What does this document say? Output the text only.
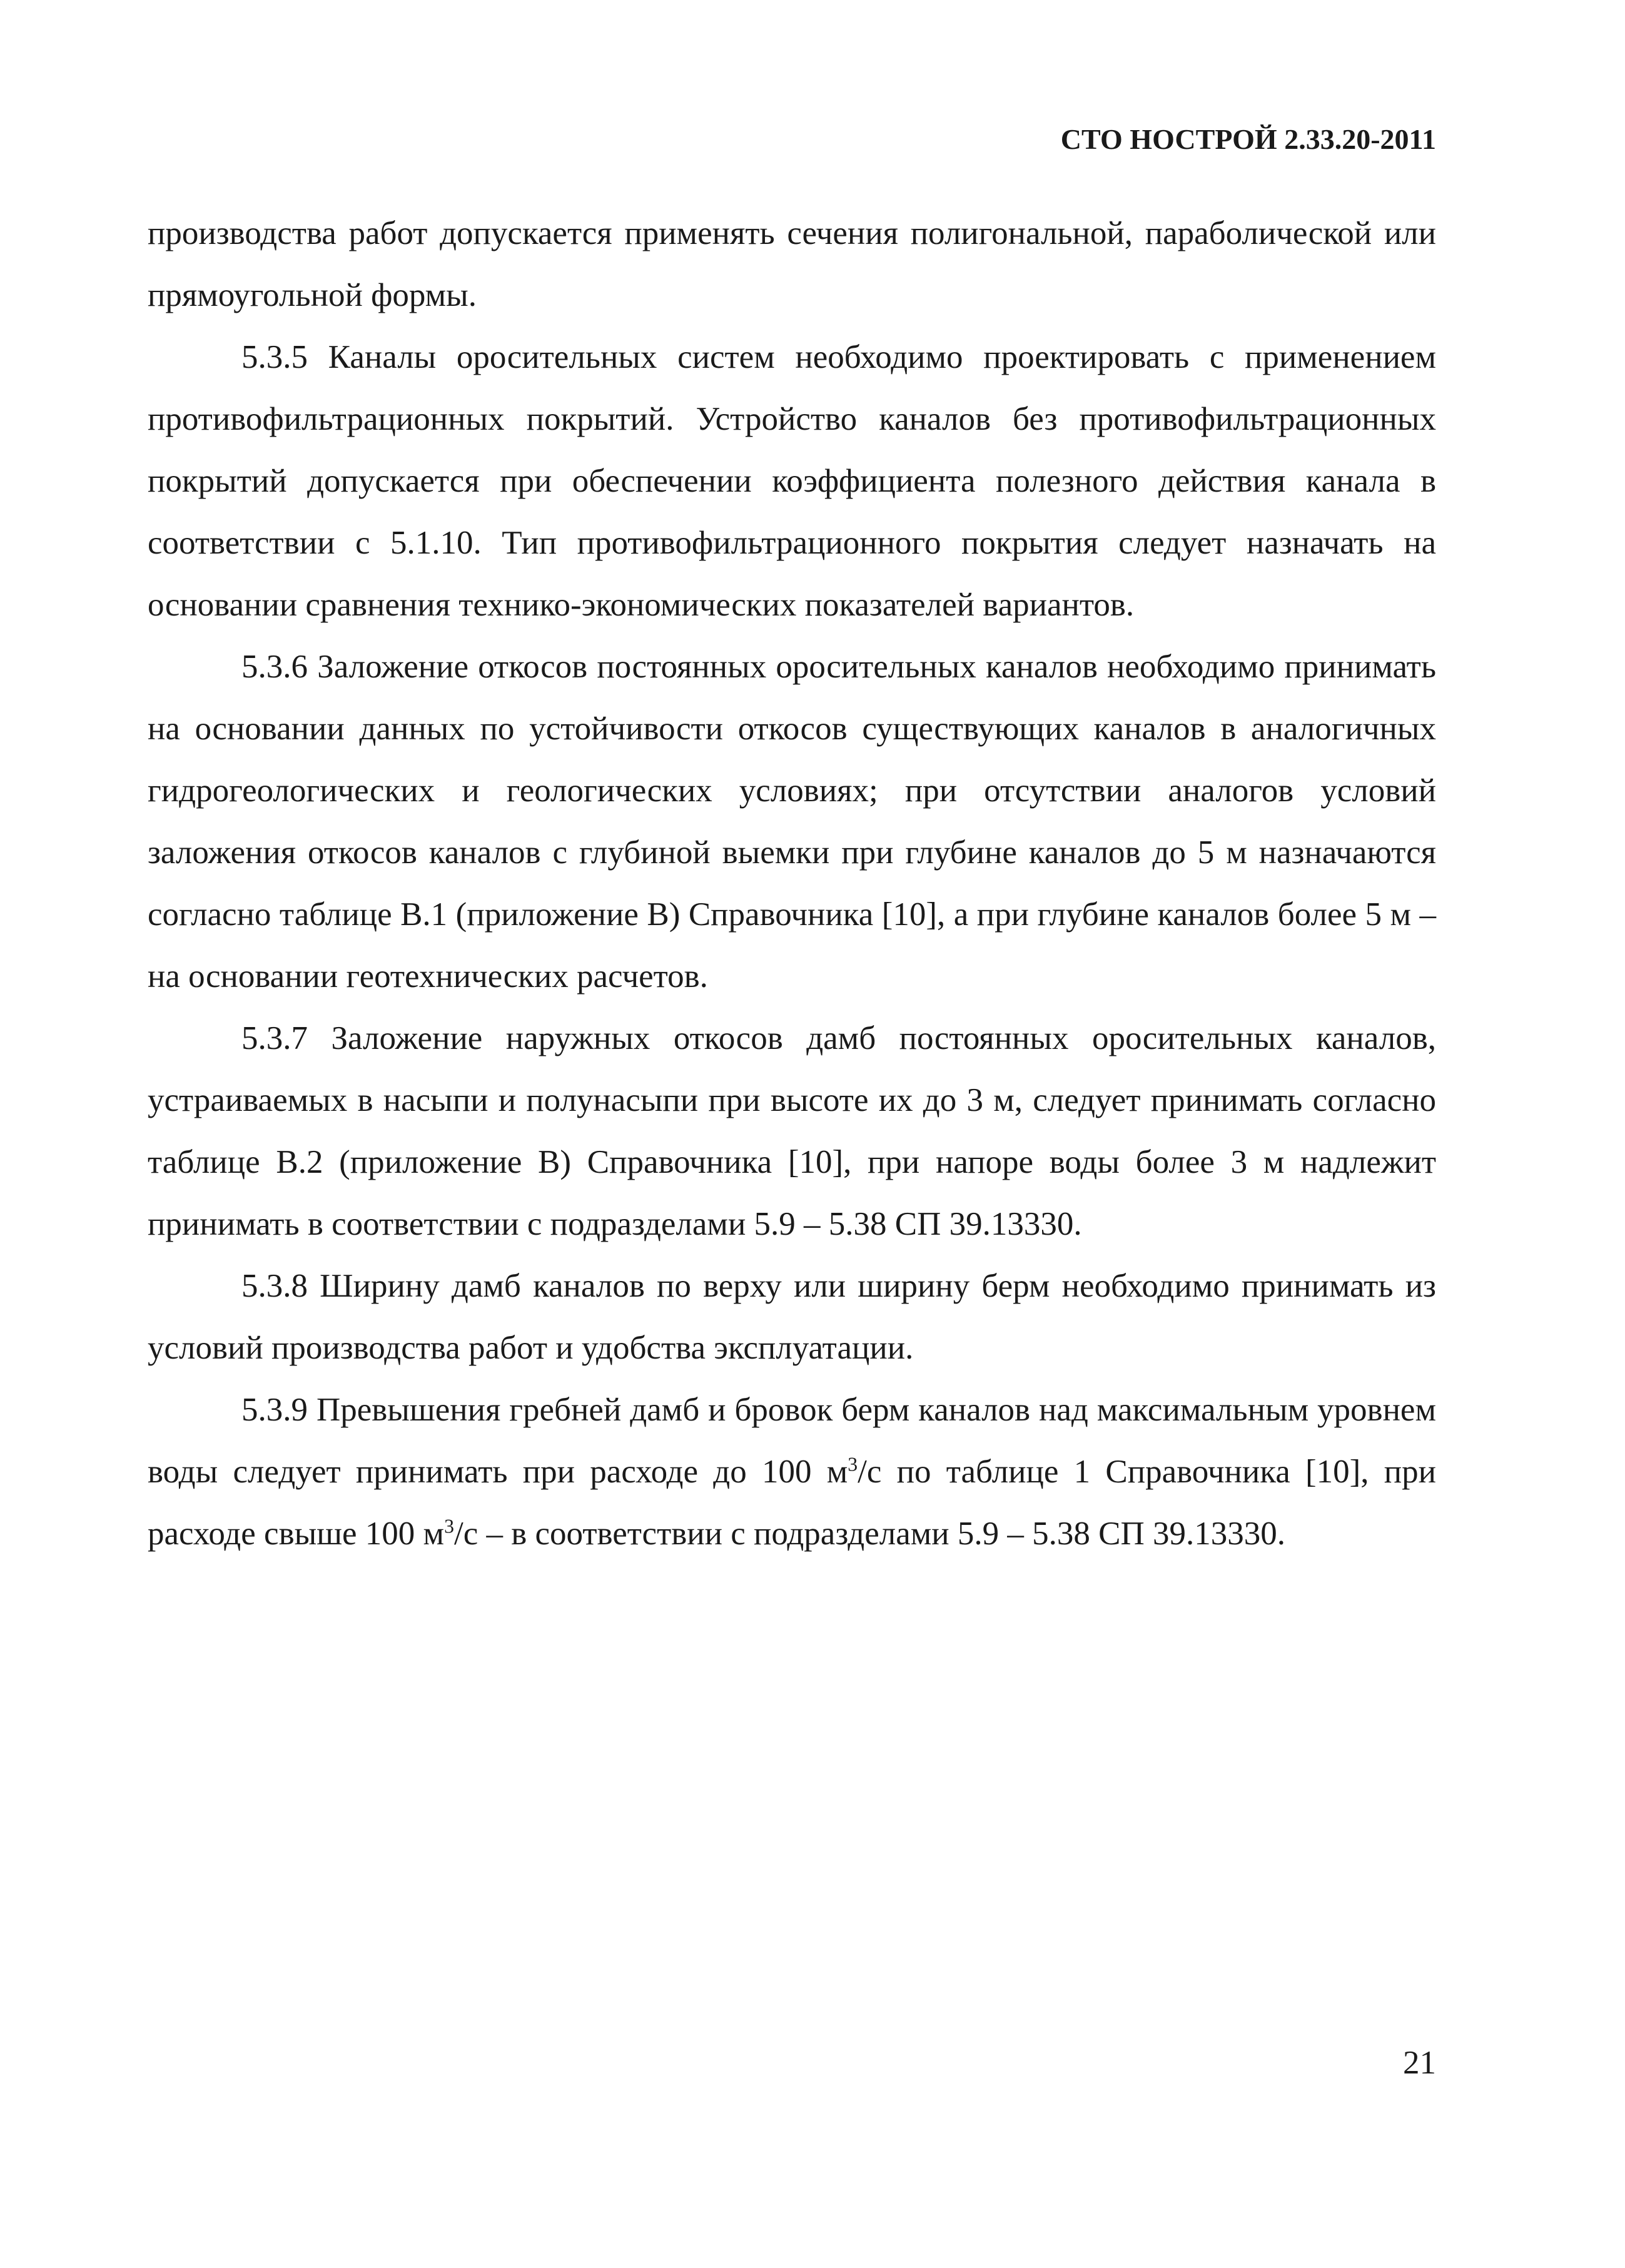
СТО НОСТРОЙ 2.33.20-2011

производства работ допускается применять сечения полигональной, параболической или прямоугольной формы.

5.3.5 Каналы оросительных систем необходимо проектировать с применением противофильтрационных покрытий. Устройство каналов без противофильтрационных покрытий допускается при обеспечении коэффициента полезного действия канала в соответствии с 5.1.10. Тип противофильтрационного покрытия следует назначать на основании сравнения технико-экономических показателей вариантов.

5.3.6 Заложение откосов постоянных оросительных каналов необходимо принимать на основании данных по устойчивости откосов существующих каналов в аналогичных гидрогеологических и геологических условиях; при отсутствии аналогов условий заложения откосов каналов с глубиной выемки при глубине каналов до 5 м назначаются согласно таблице В.1 (приложение В) Справочника [10], а при глубине каналов более 5 м – на основании геотехнических расчетов.

5.3.7 Заложение наружных откосов дамб постоянных оросительных каналов, устраиваемых в насыпи и полунасыпи при высоте их до 3 м, следует принимать согласно таблице В.2 (приложение В) Справочника [10], при напоре воды более 3 м надлежит принимать в соответствии с подразделами 5.9 – 5.38 СП 39.13330.

5.3.8 Ширину дамб каналов по верху или ширину берм необходимо принимать из условий производства работ и удобства эксплуатации.

5.3.9 Превышения гребней дамб и бровок берм каналов над максимальным уровнем воды следует принимать при расходе до 100 $м^3/с$ по таблице 1 Справочника [10], при расходе свыше 100 $м^3/с$ – в соответствии с подразделами 5.9 – 5.38 СП 39.13330.

21
